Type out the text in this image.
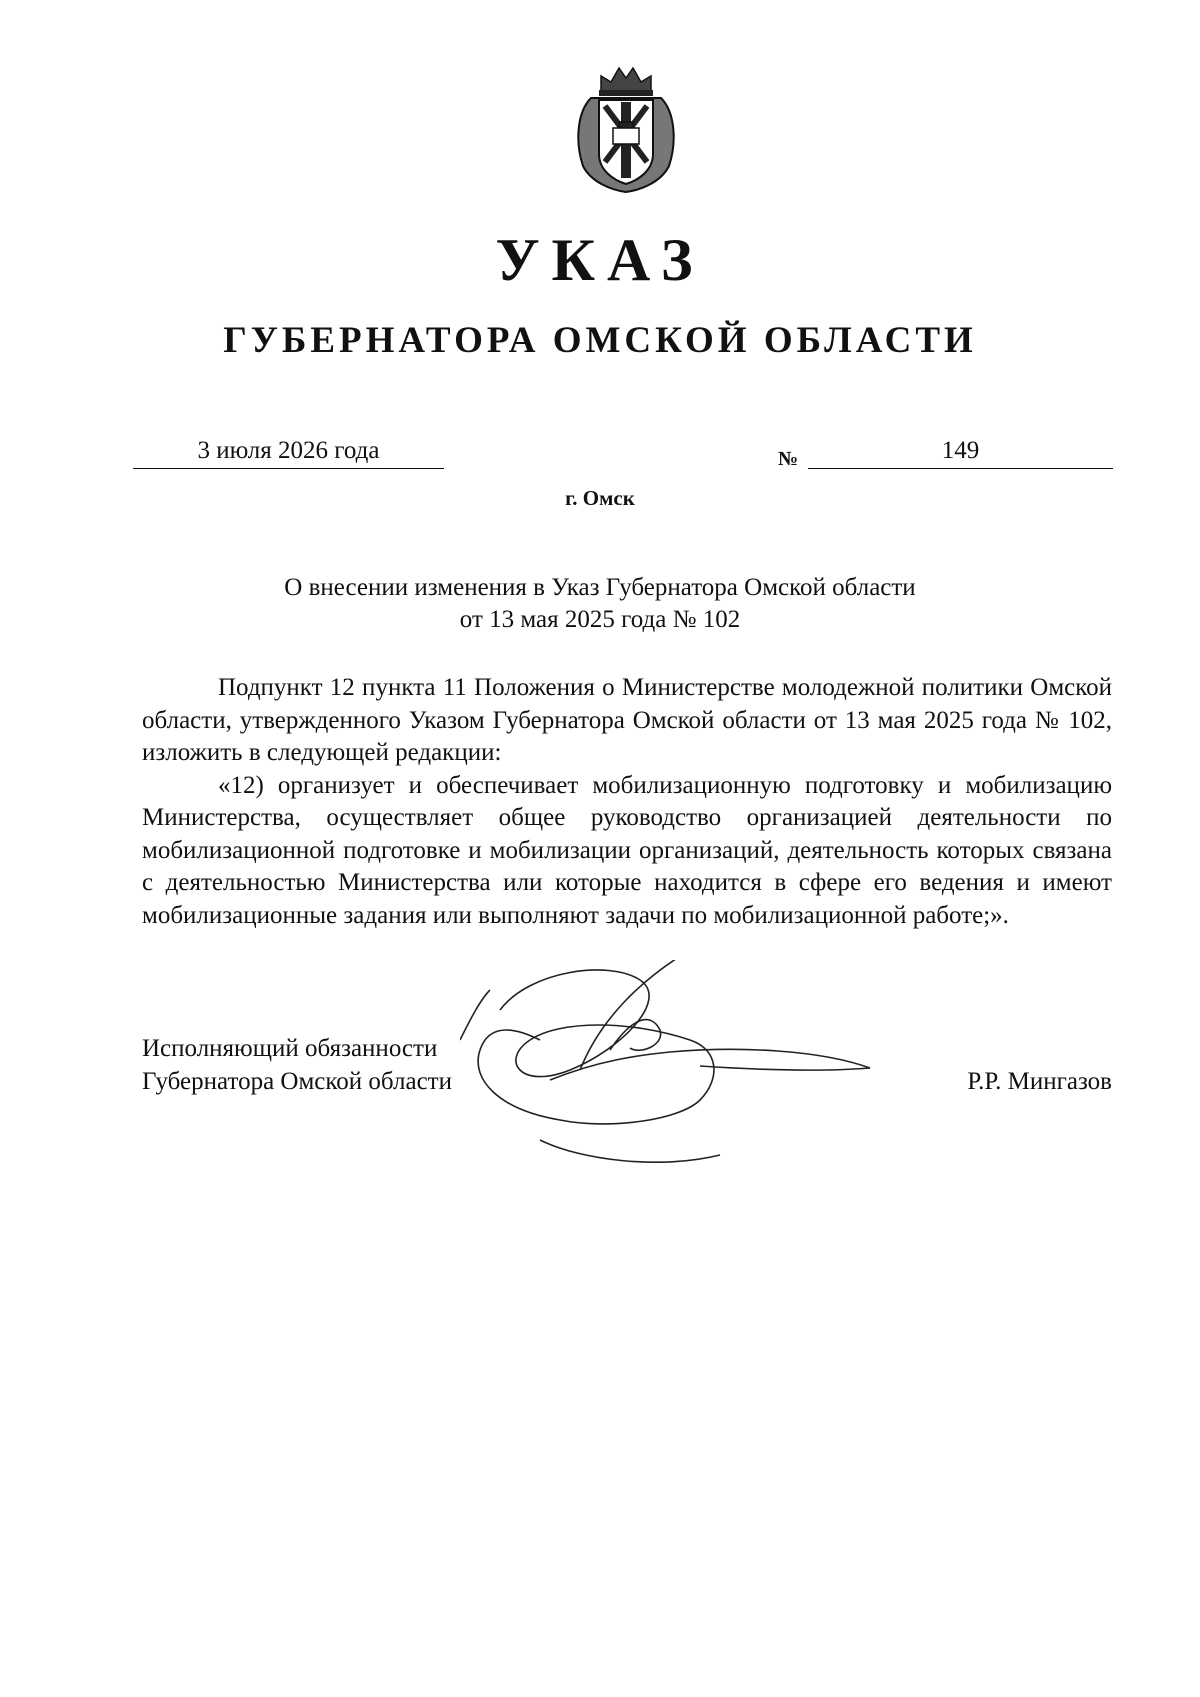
УКАЗ
ГУБЕРНАТОРА ОМСКОЙ ОБЛАСТИ
3 июля 2026 года	№	149
г. Омск
О внесении изменения в Указ Губернатора Омской области
от 13 мая 2025 года № 102

Подпункт 12 пункта 11 Положения о Министерстве молодежной политики Омской области, утвержденного Указом Губернатора Омской области от 13 мая 2025 года № 102, изложить в следующей редакции:

«12) организует и обеспечивает мобилизационную подготовку и мобилизацию Министерства, осуществляет общее руководство организацией деятельности по мобилизационной подготовке и мобилизации организаций, деятельность которых связана с деятельностью Министерства или которые находится в сфере его ведения и имеют мобилизационные задания или выполняют задачи по мобилизационной работе;».

Исполняющий обязанности
Губернатора Омской области	Р.Р. Мингазов
